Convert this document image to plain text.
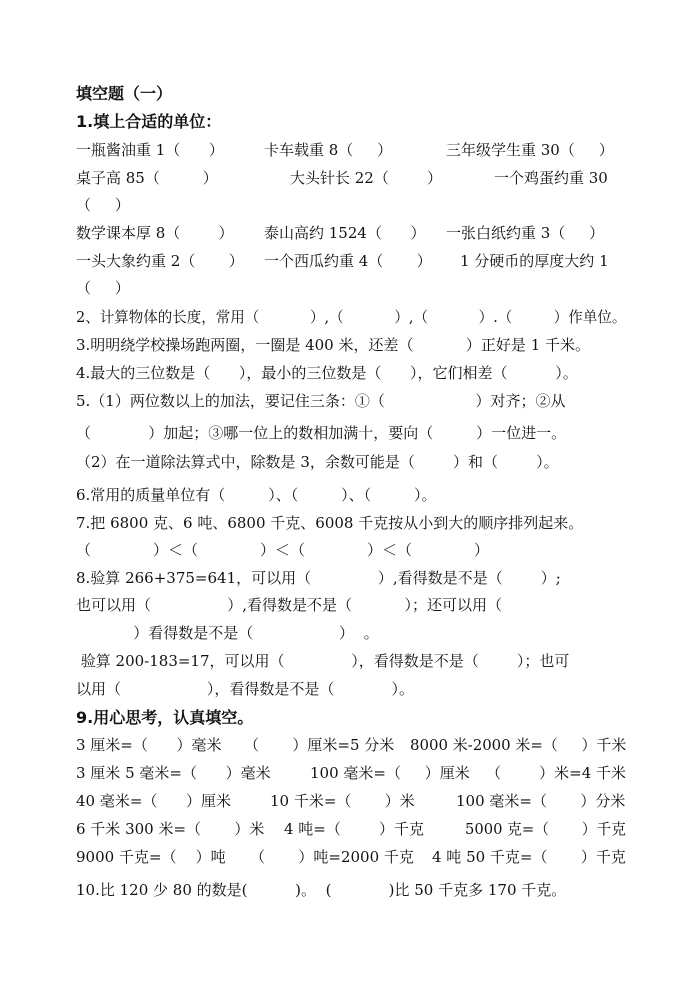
填空题（一）
1.填上合适的单位：
一瓶酱油重 1（      ）	卡车载重 8（     ）	三年级学生重 30（     ）
桌子高 85（         ）	大头针长 22（        ）	一个鸡蛋约重 30
（     ）
数学课本厚 8（        ） 泰山高约 1524（      ） 一张白纸约重 3（     ）
一头大象约重 2（       ） 一个西瓜约重 4（       ） 1 分硬币的厚度大约 1
（     ）
2、计算物体的长度，常用（           ）,（           ）,（           ）.（         ）作单位。
3.明明绕学校操场跑两圈，一圈是 400 米，还差（           ）正好是 1 千米。
4.最大的三位数是（      ），最小的三位数是（      ），它们相差（          ）。
5.（1）两位数以上的加法，要记住三条：①（                   ）对齐；②从
（            ）加起；③哪一位上的数相加满十，要向（         ）一位进一。
（2）在一道除法算式中，除数是 3，余数可能是（        ）和（        ）。
6.常用的质量单位有（         ）、（         ）、（         ）。
7.把 6800 克、6 吨、6800 千克、6008 千克按从小到大的顺序排列起来。
（             ）＜（             ）＜（             ）＜（             ）
8.验算 266+375=641，可以用（              ）,看得数是不是（        ）;
也可以用（                ）,看得数是不是（           ）；还可以用（
）看得数是不是（                  ）  。
验算 200-183=17，可以用（              ），看得数是不是（        ）；也可
以用（                  ），看得数是不是（            ）。
9.用心思考，认真填空。
3 厘米=（      ）毫米 （       ）厘米=5 分米 8000 米-2000 米=（     ）千米
3 厘米 5 毫米=（      ）毫米	100 毫米=（     ）厘米 （        ）米=4 千米
40 毫米=（      ）厘米	10 千米=（       ）米	100 毫米=（       ）分米
6 千米 300 米=（       ）米 4 吨=（        ）千克	5000 克=（       ）千克
9000 千克=（    ）吨 （       ）吨=2000 千克 4 吨 50 千克=（       ）千克
10.比 120 少 80 的数是(          )。  (            )比 50 千克多 170 千克。
